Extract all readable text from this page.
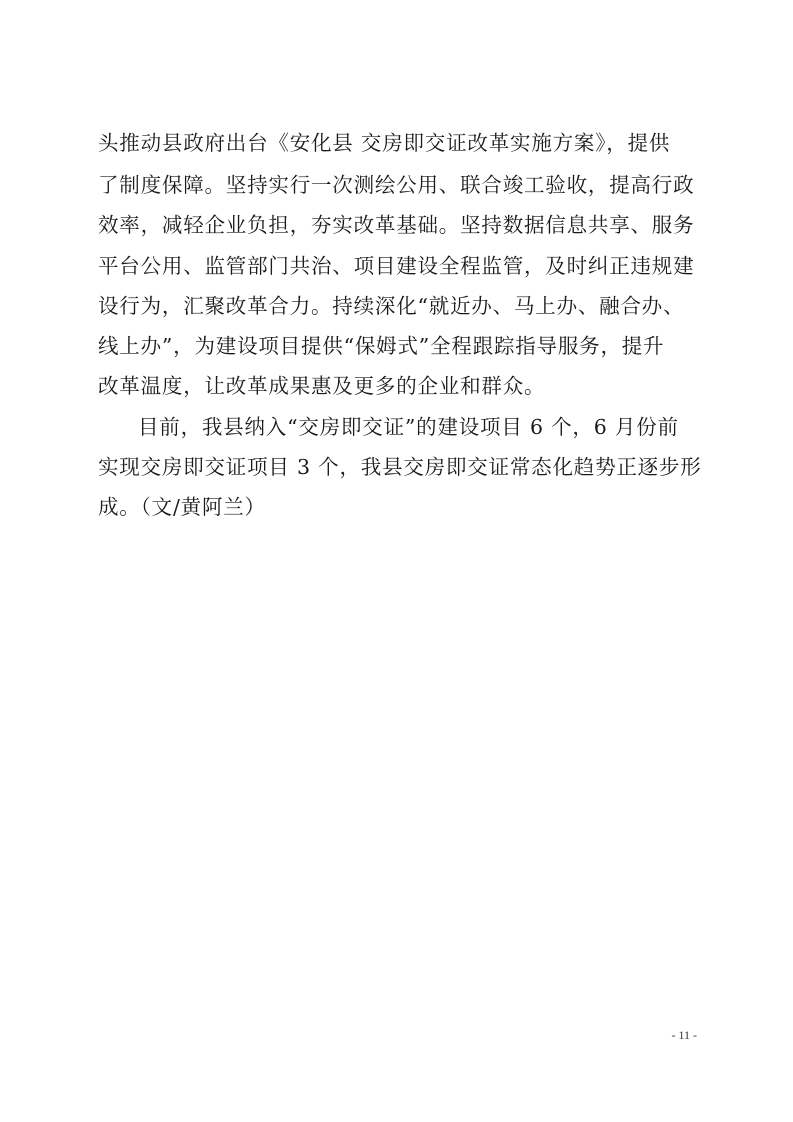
头推动县政府出台《安化县 交房即交证改革实施方案》，提供
了制度保障。坚持实行一次测绘公用、联合竣工验收，提高行政
效率，减轻企业负担，夯实改革基础。坚持数据信息共享、服务
平台公用、监管部门共治、项目建设全程监管，及时纠正违规建
设行为，汇聚改革合力。持续深化“就近办、马上办、融合办、
线上办”，为建设项目提供“保姆式”全程跟踪指导服务，提升
改革温度，让改革成果惠及更多的企业和群众。
目前，我县纳入“交房即交证”的建设项目 6 个，6 月份前
实现交房即交证项目 3 个，我县交房即交证常态化趋势正逐步形
成。（文/黄阿兰）
- 11 -
